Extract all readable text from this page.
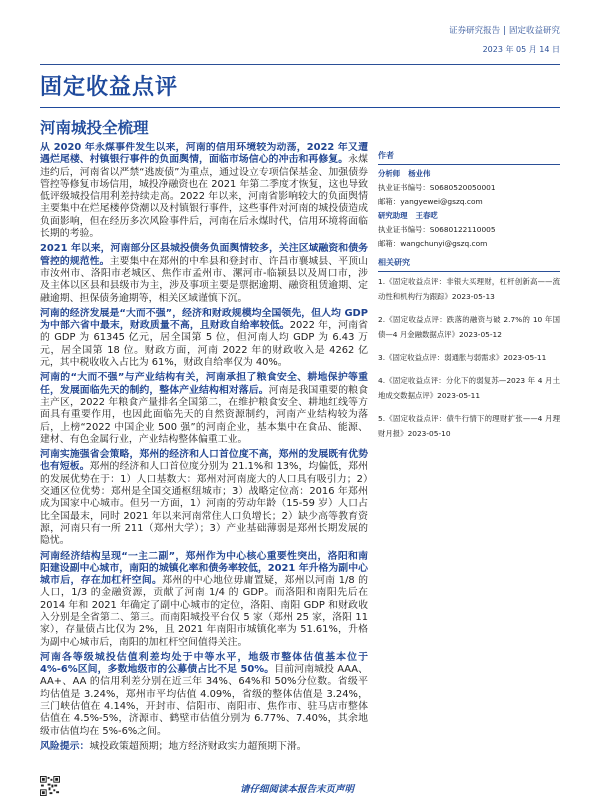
证券研究报告 | 固定收益研究
2023 年 05 月 14 日
固定收益点评
河南城投全梳理

从 2020 年永煤事件发生以来，河南的信用环境较为动荡，2022 年又遭遇烂尾楼、村镇银行事件的负面舆情，面临市场信心的冲击和再修复。永煤违约后，河南省以严禁“逃废债”为重点，通过设立专项信保基金、加强债券管控等修复市场信用，城投净融资也在 2021 年第二季度才恢复，这也导致低评级城投信用利差持续走高。2022 年以来，河南省影响较大的负面舆情主要集中在烂尾楼停贷潮以及村镇银行事件，这些事件对河南的城投债造成负面影响，但在经历多次风险事件后，河南在后永煤时代，信用环境将面临长期的考验。

2021 年以来，河南部分区县城投债务负面舆情较多，关注区域融资和债务管控的规范性。主要集中在郑州的中牟县和登封市、许昌市襄城县、平顶山市汝州市、洛阳市老城区、焦作市孟州市、漯河市-临颍县以及周口市，涉及主体以区县和县级市为主，涉及事项主要是票据逾期、融资租赁逾期、定融逾期、担保债务逾期等，相关区域谨慎下沉。

河南的经济发展是“大而不强”，经济和财政规模均全国领先，但人均 GDP 为中部六省中最末，财政质量不高，且财政自给率较低。2022 年，河南省的 GDP 为 61345 亿元，居全国第 5 位，但河南人均 GDP 为 6.43 万元，居全国第 18 位。财政方面，河南 2022 年的财政收入是 4262 亿元，其中税收收入占比为 61%，财政自给率仅为 40%。

河南的“大而不强”与产业结构有关，河南承担了粮食安全、耕地保护等重任，发展面临先天的制约，整体产业结构相对落后。河南是我国重要的粮食主产区，2022 年粮食产量排名全国第二，在维护粮食安全、耕地红线等方面具有重要作用，也因此面临先天的自然资源制约，河南产业结构较为落后，上榜“2022 中国企业 500 强”的河南企业，基本集中在食品、能源、建材、有色金属行业，产业结构整体偏重工业。

河南实施强省会策略，郑州的经济和人口首位度不高，郑州的发展既有优势也有短板。郑州的经济和人口首位度分别为 21.1%和 13%，均偏低，郑州的发展优势在于：1）人口基数大：郑州对河南庞大的人口具有吸引力；2）交通区位优势：郑州是全国交通枢纽城市；3）战略定位高：2016 年郑州成为国家中心城市。但另一方面，1）河南的劳动年龄（15-59 岁）人口占比全国最末，同时 2021 年以来河南常住人口负增长；2）缺少高等教育资源，河南只有一所 211（郑州大学）；3）产业基础薄弱是郑州长期发展的隐忧。

河南经济结构呈现“一主二副”，郑州作为中心核心重要性突出，洛阳和南阳建设副中心城市，南阳的城镇化率和债务率较低，2021 年升格为副中心城市后，存在加杠杆空间。郑州的中心地位毋庸置疑，郑州以河南 1/8 的人口，1/3 的金融资源，贡献了河南 1/4 的 GDP。而洛阳和南阳先后在 2014 年和 2021 年确定了副中心城市的定位，洛阳、南阳 GDP 和财政收入分别是全省第二、第三。而南阳城投平台仅 5 家（郑州 25 家，洛阳 11 家），存量债占比仅为 2%，且 2021 年南阳市城镇化率为 51.61%，升格为副中心城市后，南阳的加杠杆空间值得关注。

河南各等级城投估值利差均处于中等水平，地级市整体估值基本位于 4%-6%区间，多数地级市的公募债占比不足 50%。目前河南城投 AAA、AA+、AA 的信用利差分别在近三年 34%、64%和 50%分位数。省级平均估值是 3.24%，郑州市平均估值 4.09%，省级的整体估值是 3.24%，三门峡估值在 4.14%，开封市、信阳市、南阳市、焦作市、驻马店市整体估值在 4.5%-5%，济源市、鹤壁市估值分别为 6.77%、7.40%，其余地级市估值均在 5%-6%之间。

风险提示：城投政策超预期；地方经济财政实力超预期下滑。

作者
分析师 杨业伟
执业证书编号：S0680520050001
邮箱：yangyewei@gszq.com
研究助理 王春呓
执业证书编号：S0680122110005
邮箱：wangchunyi@gszq.com
相关研究
1.《固定收益点评：非银大买理财，杠杆创新高——流动性和机构行为跟踪》2023-05-13
2.《固定收益点评：跌落的融资与破 2.7%的 10 年国债—4 月金融数据点评》2023-05-12
3.《固定收益点评：弱通胀与弱需求》2023-05-11
4.《固定收益点评：分化下的弱复苏—2023 年 4 月土地成交数据点评》2023-05-11
5.《固定收益点评：债牛行情下的理财扩张——4 月理财月报》2023-05-10
请仔细阅读本报告末页声明
